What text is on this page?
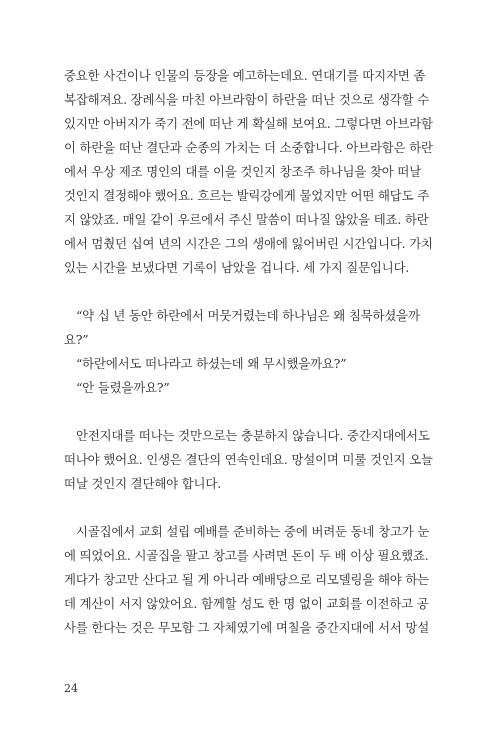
중요한 사건이나 인물의 등장을 예고하는데요. 연대기를 따지자면 좀
복잡해져요. 장례식을 마친 아브라함이 하란을 떠난 것으로 생각할 수
있지만 아버지가 죽기 전에 떠난 게 확실해 보여요. 그렇다면 아브라함
이 하란을 떠난 결단과 순종의 가치는 더 소중합니다. 아브라함은 하란
에서 우상 제조 명인의 대를 이을 것인지 창조주 하나님을 찾아 떠날
것인지 결정해야 했어요. 흐르는 발릭강에게 물었지만 어떤 해답도 주
지 않았죠. 매일 같이 우르에서 주신 말씀이 떠나질 않았을 테죠. 하란
에서 멈췄던 십여 년의 시간은 그의 생애에 잃어버린 시간입니다. 가치
있는 시간을 보냈다면 기록이 남았을 겁니다. 세 가지 질문입니다.
“약 십 년 동안 하란에서 머뭇거렸는데 하나님은 왜 침묵하셨을까
요?”
“하란에서도 떠나라고 하셨는데 왜 무시했을까요?”
“안 들렸을까요?”
안전지대를 떠나는 것만으로는 충분하지 않습니다. 중간지대에서도
떠나야 했어요. 인생은 결단의 연속인데요. 망설이며 미룰 것인지 오늘
떠날 것인지 결단해야 합니다.
시골집에서 교회 설립 예배를 준비하는 중에 버려둔 동네 창고가 눈
에 띄었어요. 시골집을 팔고 창고를 사려면 돈이 두 배 이상 필요했죠.
게다가 창고만 산다고 될 게 아니라 예배당으로 리모델링을 해야 하는
데 계산이 서지 않았어요. 함께할 성도 한 명 없이 교회를 이전하고 공
사를 한다는 것은 무모함 그 자체였기에 며칠을 중간지대에 서서 망설
24
